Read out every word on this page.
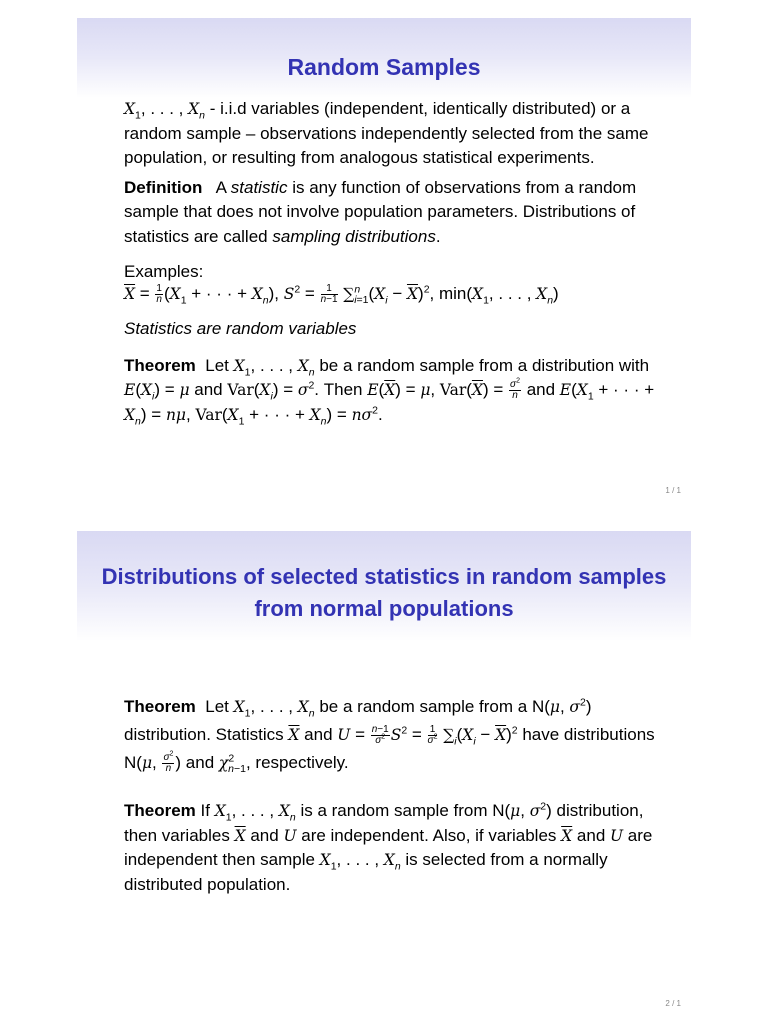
Random Samples

$X_1$, . . . , $X_n - i.i.d$ variables (independent, identically distributed) or a random sample – observations independently selected from the same population, or resulting from analogous statistical experiments.

Definition A statistic is any function of observations from a random sample that does not involve population parameters. Distributions of statistics are called sampling distributions.

Examples:
$\overline{X} = \frac{1}{n} (X_1$ + · · · + $X_n$), $S^2 = \frac{1}{n-1} \sum^n_{i=1}(X_i - \overline{X})^2$, $\min(X_1$, . . . , $X_n$)

Statistics are random variables

Theorem  Let $X_1$, . . . , $X_n$ be a random sample from a distribution with $E(X_i) = \mu$ and $Var(X_i) = \sigma^2$. Then $E(\overline{X}) = \mu$, $Var(\overline{X}) = \frac{\sigma^2}{n}$ and $E(X_1$ + · · · + $X_n) = n\mu$, $Var(X_1$ + · · · + $X_n) = n\sigma^2$.

1 / 1
Distributions of selected statistics in random samples from normal populations

Theorem  Let $X_1$, . . . , $X_n$ be a random sample from a N(μ, $\sigma^2$) distribution. Statistics $\overline{X}$ and $U = \frac{n-1}{\sigma^2} S^2 = \frac{1}{\sigma^2} \sum_i(X_i - \overline{X})^2$ have distributions N(μ, $\frac{\sigma^2}{n}$ ) and $\chi^2_{n-1}$, respectively.

Theorem If $X_1$, . . . , $X_n$ is a random sample from N(μ, $\sigma^2$) distribution, then variables $\overline{X}$ and U are independent. Also, if variables $\overline{X}$ and U are independent then sample $X_1$, . . . , $X_n$ is selected from a normally distributed population.

2 / 1
